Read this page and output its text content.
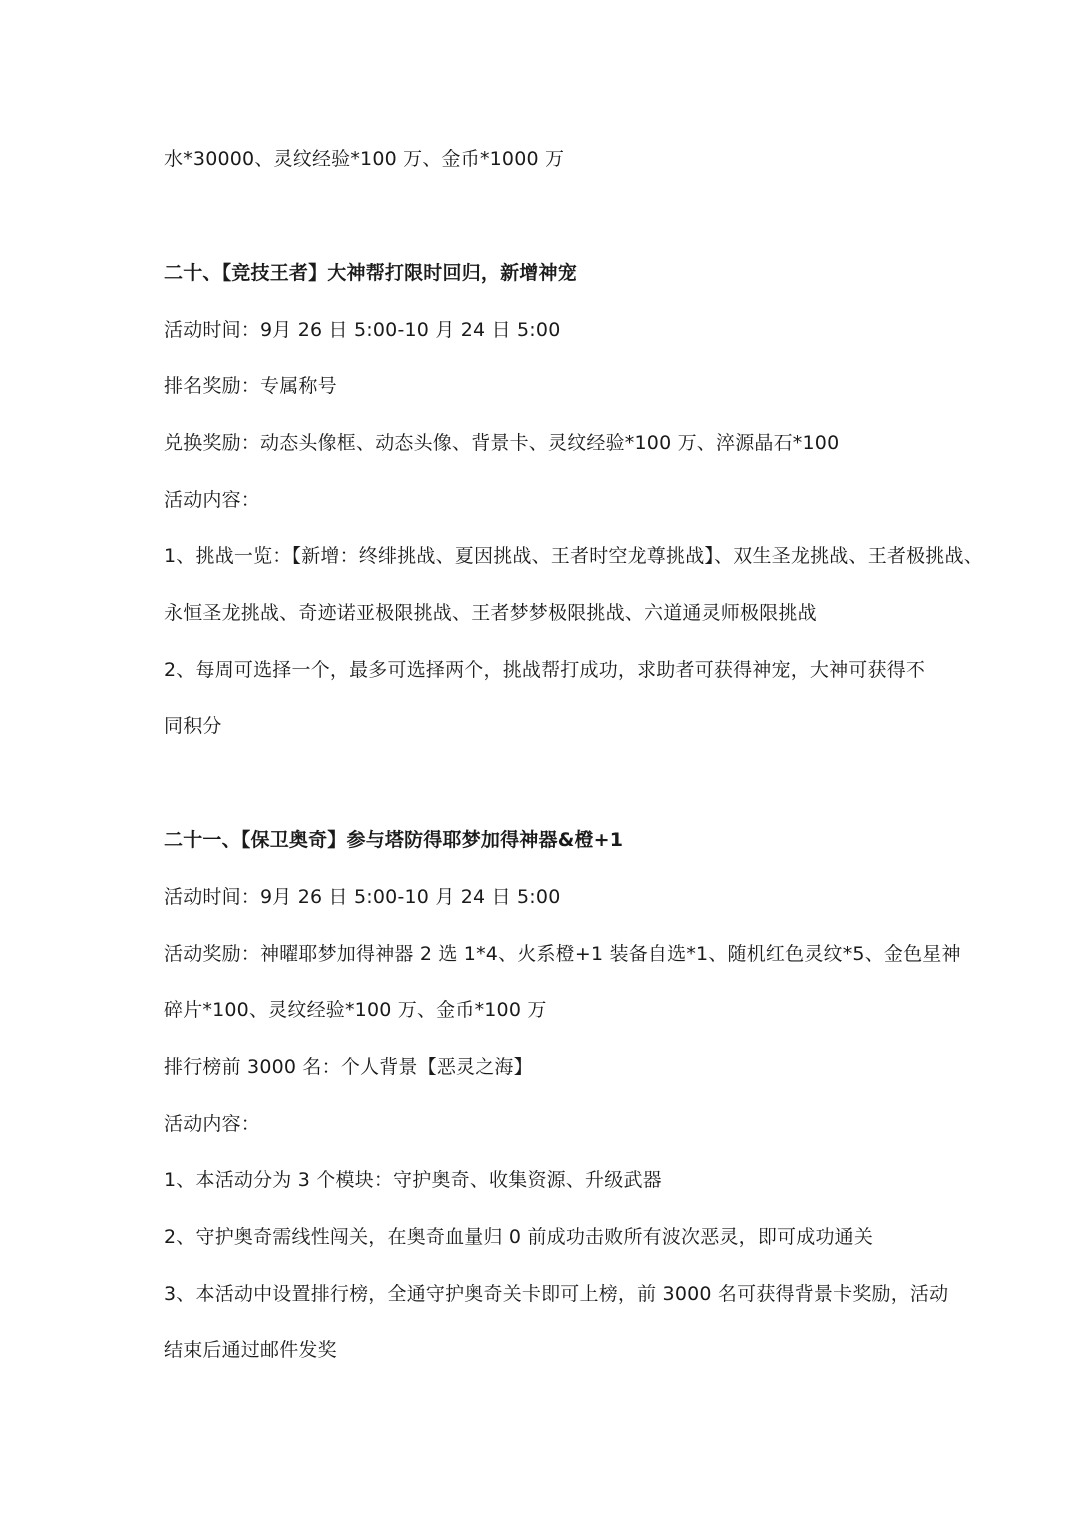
水*30000、灵纹经验*100 万、金币*1000 万
二十、【竞技王者】大神帮打限时回归，新增神宠
活动时间：9月 26 日 5:00-10 月 24 日 5:00
排名奖励：专属称号
兑换奖励：动态头像框、动态头像、背景卡、灵纹经验*100 万、淬源晶石*100
活动内容：
1、挑战一览：【新增：终绯挑战、夏因挑战、王者时空龙尊挑战】、双生圣龙挑战、王者极挑战、
永恒圣龙挑战、奇迹诺亚极限挑战、王者梦梦极限挑战、六道通灵师极限挑战
2、每周可选择一个，最多可选择两个，挑战帮打成功，求助者可获得神宠，大神可获得不
同积分
二十一、【保卫奥奇】参与塔防得耶梦加得神器&橙+1
活动时间：9月 26 日 5:00-10 月 24 日 5:00
活动奖励：神曜耶梦加得神器 2 选 1*4、火系橙+1 装备自选*1、随机红色灵纹*5、金色星神
碎片*100、灵纹经验*100 万、金币*100 万
排行榜前 3000 名：个人背景【恶灵之海】
活动内容：
1、本活动分为 3 个模块：守护奥奇、收集资源、升级武器
2、守护奥奇需线性闯关，在奥奇血量归 0 前成功击败所有波次恶灵，即可成功通关
3、本活动中设置排行榜，全通守护奥奇关卡即可上榜，前 3000 名可获得背景卡奖励，活动
结束后通过邮件发奖
